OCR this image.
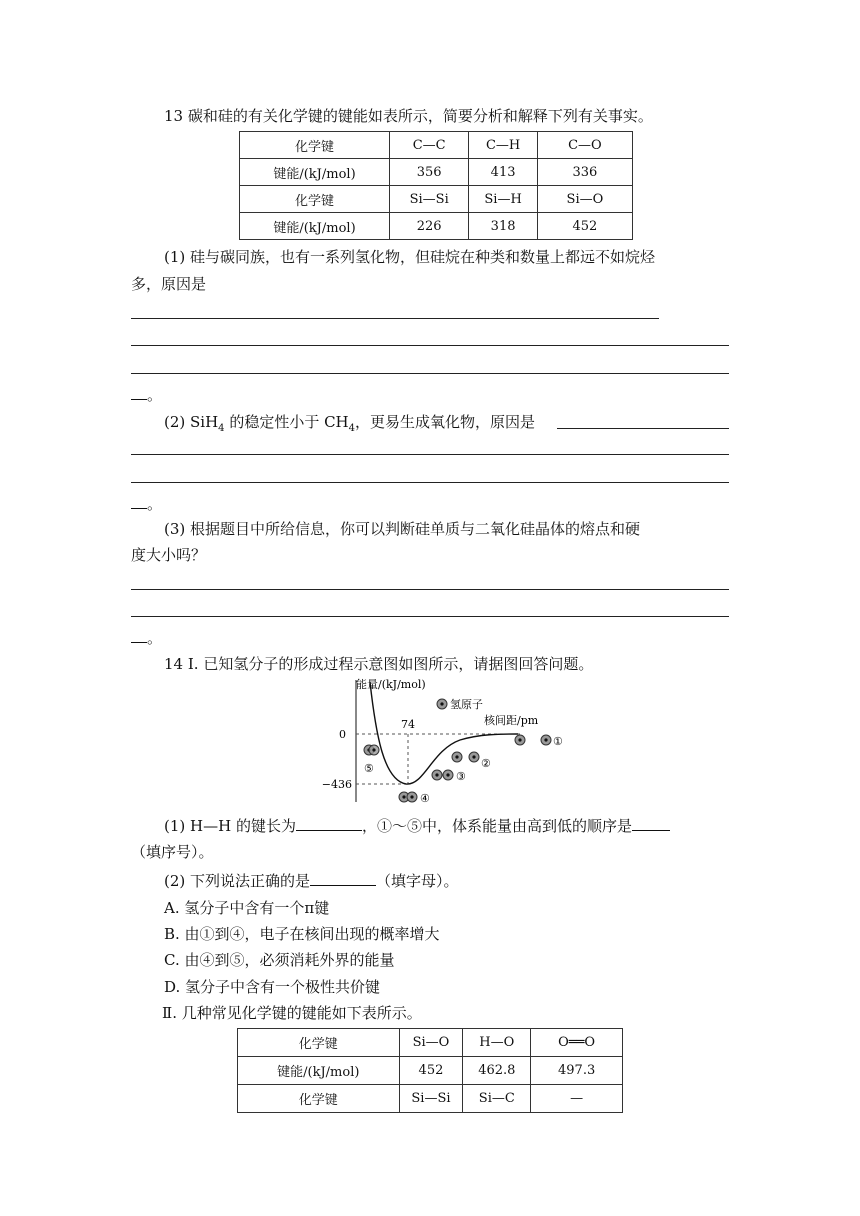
13 碳和硅的有关化学键的键能如表所示，简要分析和解释下列有关事实。
化学键	C—C	C—H	C—O
键能/(kJ/mol)	356	413	336
化学键	Si—Si	Si—H	Si—O
键能/(kJ/mol)	226	318	452
(1) 硅与碳同族，也有一系列氢化物，但硅烷在种类和数量上都远不如烷烃
多，原因是
。
(2) SiH$_4$ 的稳定性小于 $CH_4$，更易生成氧化物，原因是
。
(3) 根据题目中所给信息，你可以判断硅单质与二氧化硅晶体的熔点和硬
度大小吗？
。
14 Ⅰ. 已知氢分子的形成过程示意图如图所示，请据图回答问题。
能量/(kJ/mol)
0
−436
74	核间距/pm
氢原子
①
②
③
④
⑤
(1) H—H 的键长为	，①～⑤中，体系能量由高到低的顺序是
（填序号）。
(2) 下列说法正确的是	（填字母）。
A. 氢分子中含有一个π键
B. 由①到④，电子在核间出现的概率增大
C. 由④到⑤，必须消耗外界的能量
D. 氢分子中含有一个极性共价键
Ⅱ. 几种常见化学键的键能如下表所示。
化学键	Si—O	H—O	O══O
键能/(kJ/mol)	452	462.8	497.3
化学键	Si—Si	Si—C	—
